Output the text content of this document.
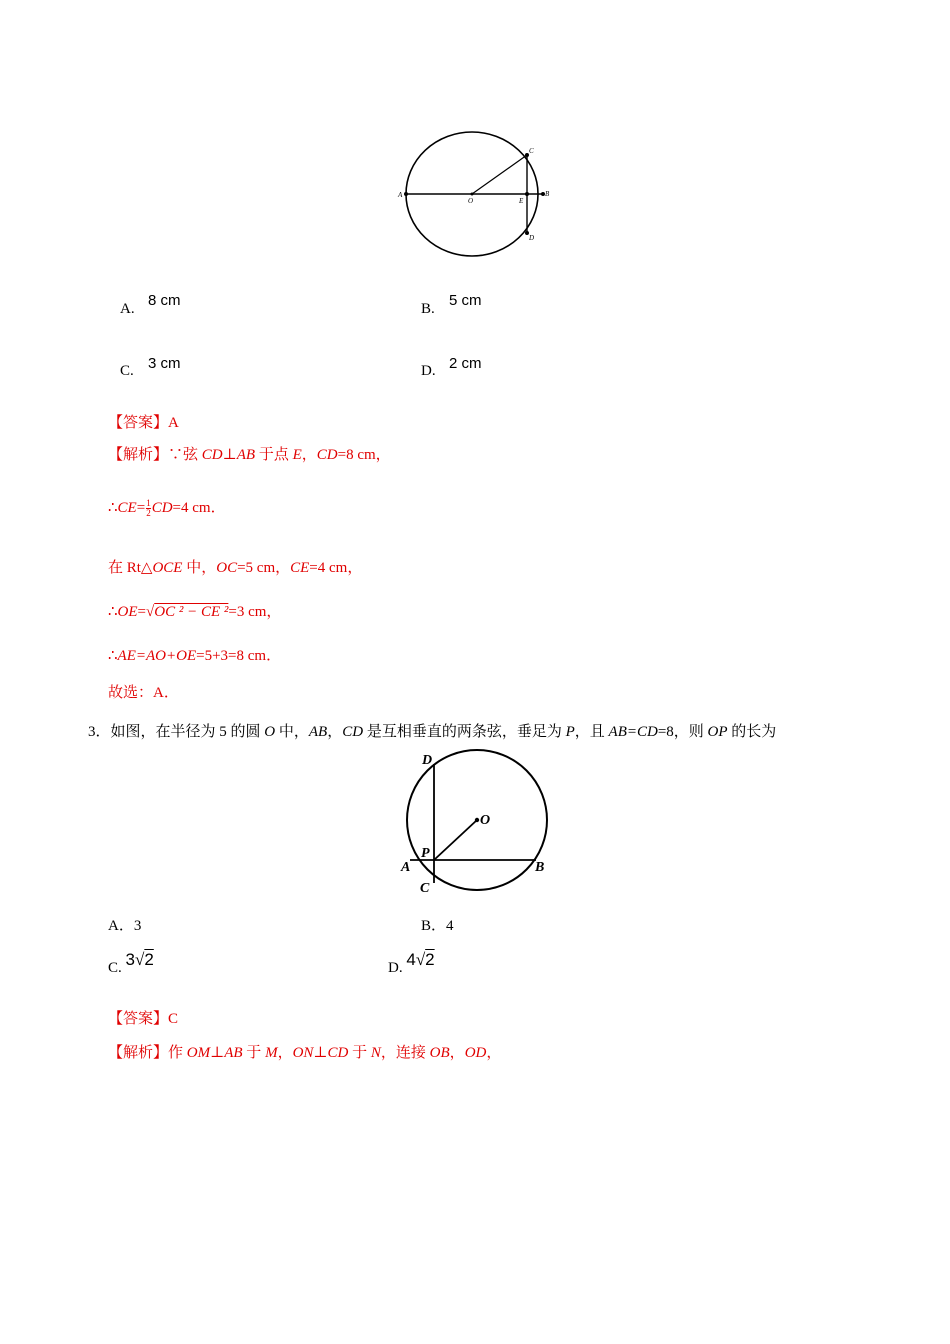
A
O	E
B
C
D
A. 8 cm	B. 5 cm
C. 3 cm	D. 2 cm
【答案】A
【解析】∵弦 CD⊥AB 于点 E，CD=8 cm，
∴CE= $\frac{1}{2} CD=4$ cm．
在 Rt△OCE 中，OC=5 cm，CE=4 cm，
∴OE=√OC ² − CE ²=3 cm，
∴AE=AO+OE=5+3=8 cm．
故选：A．
3．如图，在半径为 5 的圆 O 中，AB，CD 是互相垂直的两条弦，垂足为 P，且 AB=CD=8，则 OP 的长为
D
O
P
A	B
C
A．3	B．4
C. 3√2	D. 4√2
【答案】C
【解析】作 OM⊥AB 于 M，ON⊥CD 于 N，连接 OB，OD，
